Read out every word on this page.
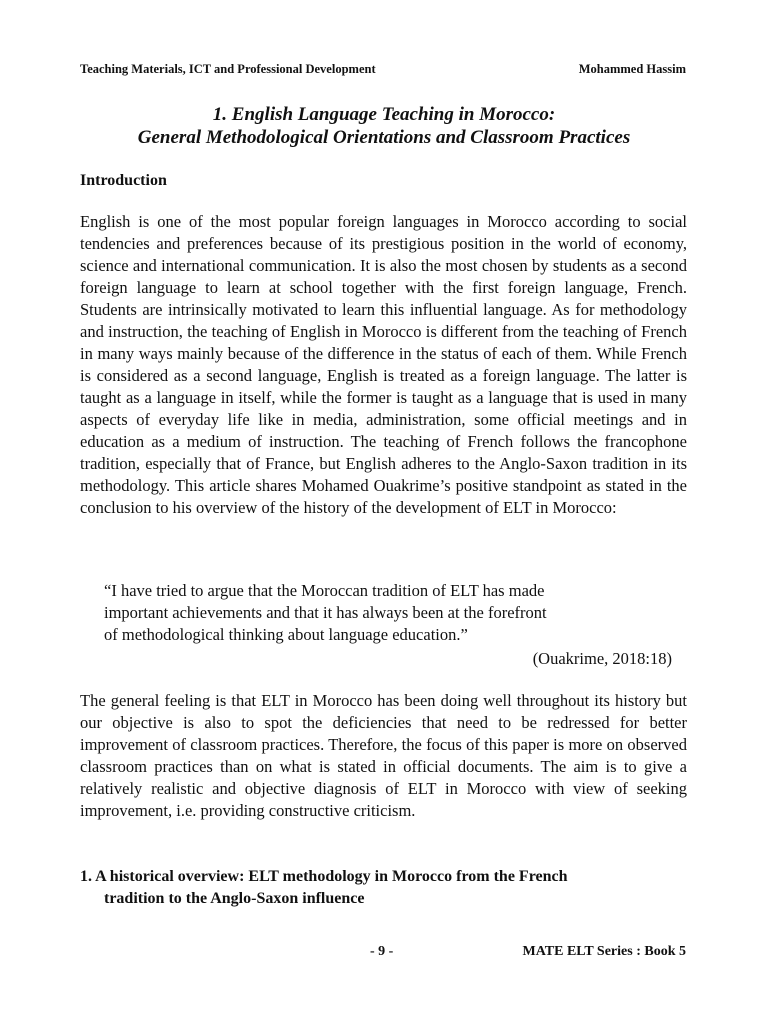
Teaching Materials, ICT and Professional Development	Mohammed Hassim
1. English Language Teaching in Morocco:
General Methodological Orientations and Classroom Practices
Introduction
English is one of the most popular foreign languages in Morocco according to social tendencies and preferences because of its prestigious position in the world of economy, science and international communication. It is also the most chosen by students as a second foreign language to learn at school together with the first foreign language, French. Students are intrinsically motivated to learn this influential language. As for methodology and instruction, the teaching of English in Morocco is different from the teaching of French in many ways mainly because of the difference in the status of each of them. While French is considered as a second language, English is treated as a foreign language. The latter is taught as a language in itself, while the former is taught as a language that is used in many aspects of everyday life like in media, administration, some official meetings and in education as a medium of instruction. The teaching of French follows the francophone tradition, especially that of France, but English adheres to the Anglo-Saxon tradition in its methodology. This article shares Mohamed Ouakrime’s positive standpoint as stated in the conclusion to his overview of the history of the development of ELT in Morocco:
“I have tried to argue that the Moroccan tradition of ELT has made
important achievements and that it has always been at the forefront
of methodological thinking about language education.”
(Ouakrime, 2018:18)
The general feeling is that ELT in Morocco has been doing well throughout its history but our objective is also to spot the deficiencies that need to be redressed for better improvement of classroom practices. Therefore, the focus of this paper is more on observed classroom practices than on what is stated in official documents. The aim is to give a relatively realistic and objective diagnosis of ELT in Morocco with view of seeking improvement, i.e. providing constructive criticism.
1. A historical overview: ELT methodology in Morocco from the French
tradition to the Anglo-Saxon influence
- 9 -	MATE ELT Series : Book 5
